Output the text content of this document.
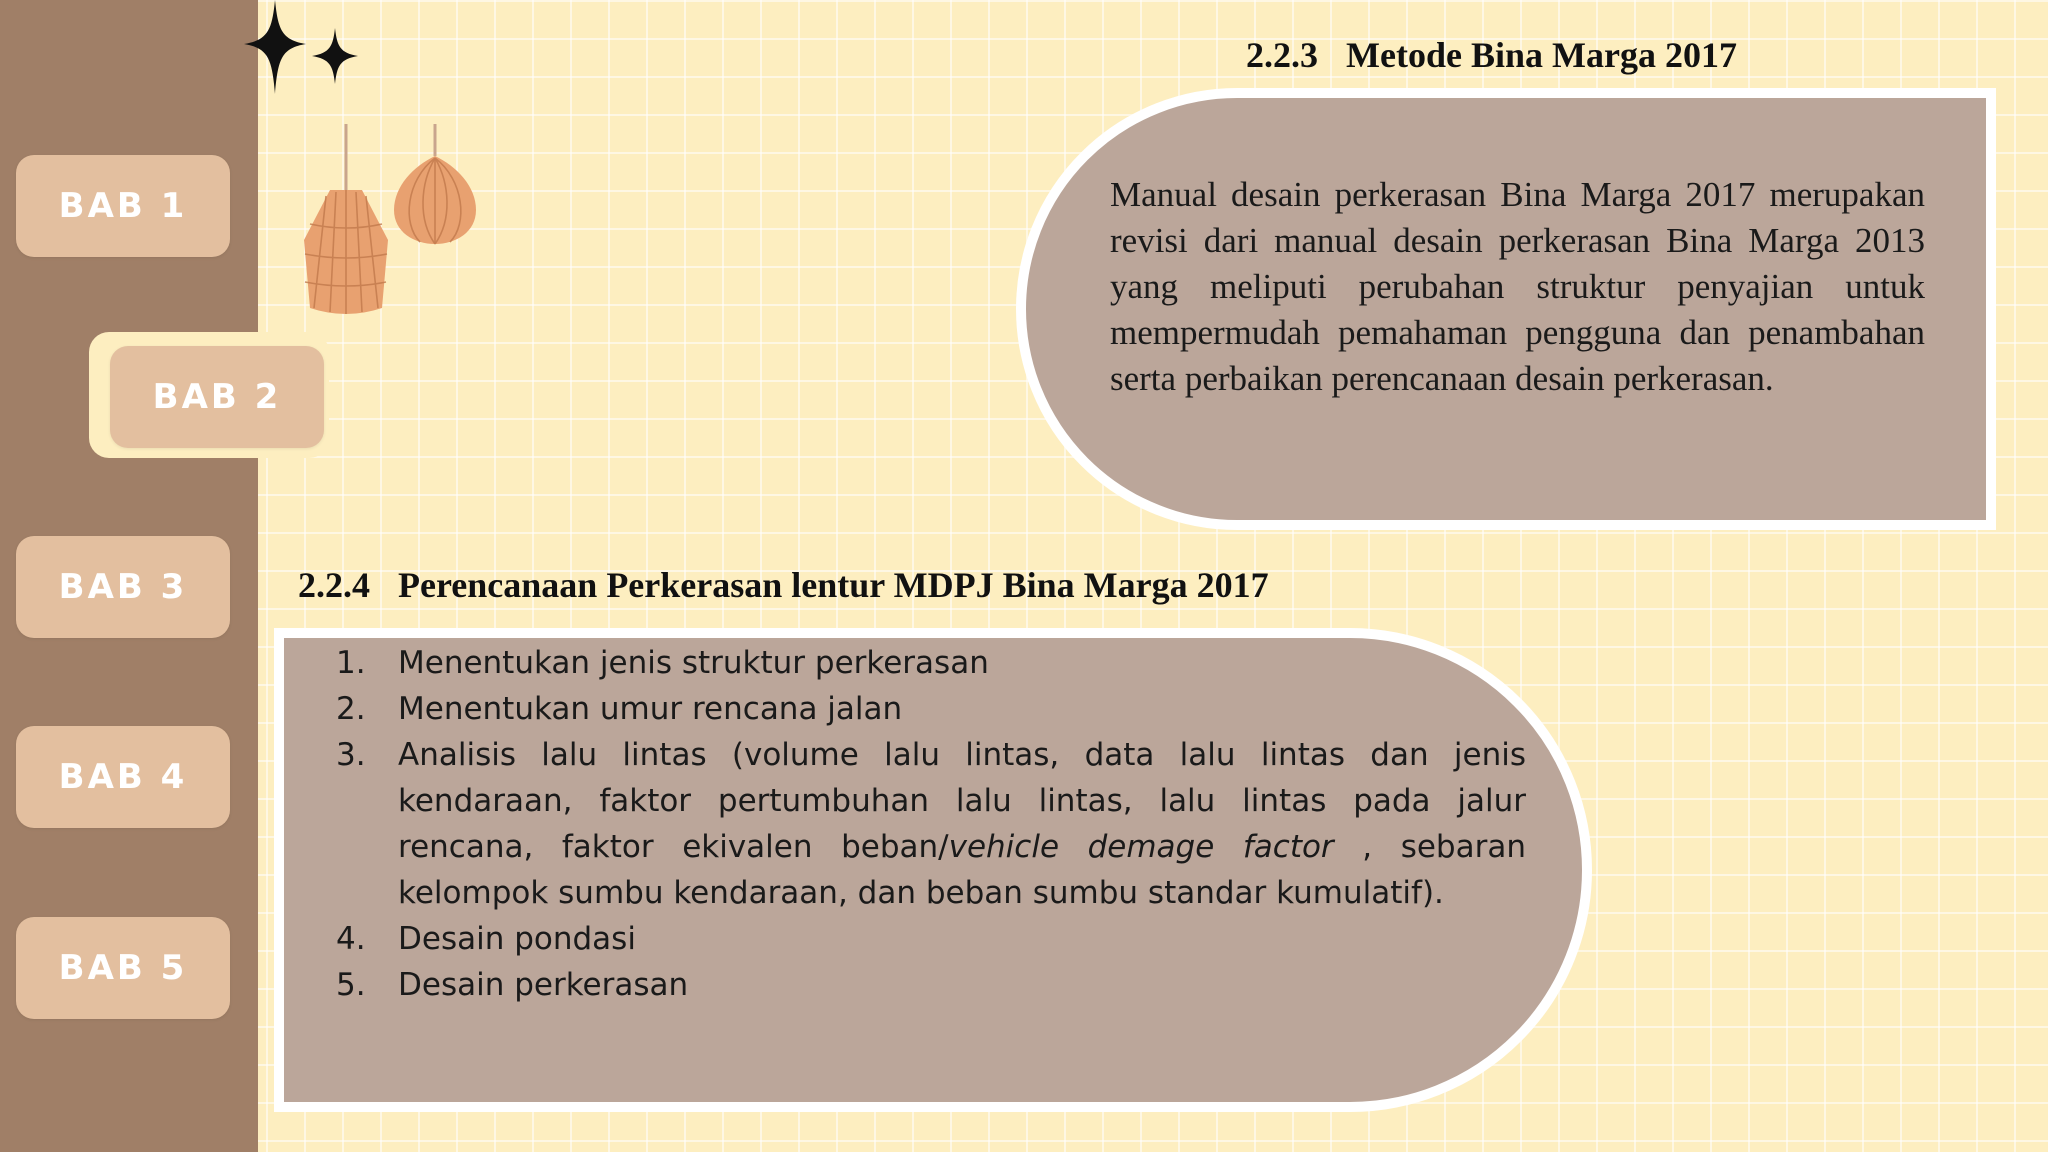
BAB 1
BAB 2
BAB 3
BAB 4
BAB 5
2.2.3 Metode Bina Marga 2017
Manual desain perkerasan Bina Marga 2017 merupakan revisi dari manual desain perkerasan Bina Marga 2013 yang meliputi perubahan struktur penyajian untuk mempermudah pemahaman pengguna dan penambahan serta perbaikan perencanaan desain perkerasan.
2.2.4 Perencanaan Perkerasan lentur MDPJ Bina Marga 2017
1.	Menentukan jenis struktur perkerasan
2.	Menentukan umur rencana jalan
3.	Analisis lalu lintas (volume lalu lintas, data lalu lintas dan jenis kendaraan, faktor pertumbuhan lalu lintas, lalu lintas pada jalur rencana, faktor ekivalen beban/vehicle demage factor , sebaran kelompok sumbu kendaraan, dan beban sumbu standar kumulatif).
4.	Desain pondasi
5.	Desain perkerasan
